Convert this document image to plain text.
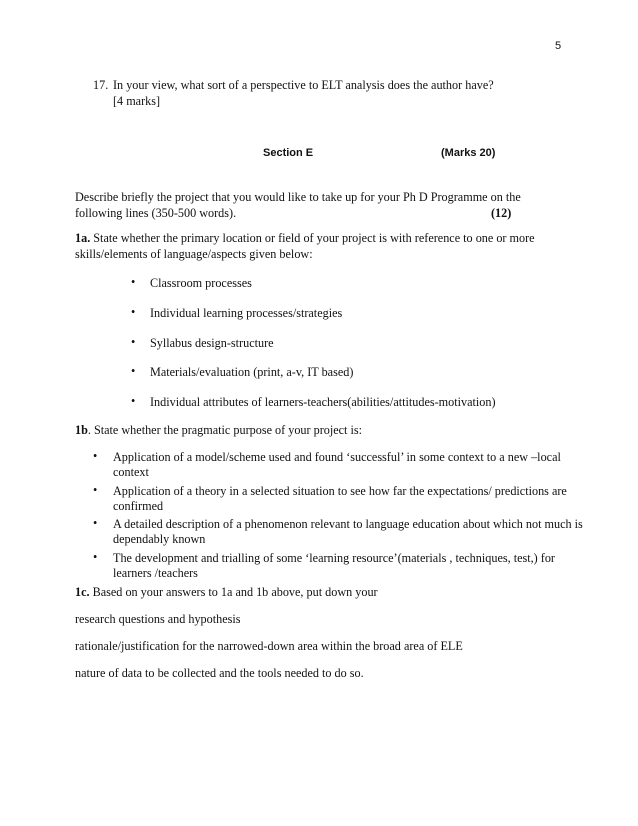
5
17. In your view, what sort of a perspective to ELT analysis does the author have?
[4 marks]
Section E	(Marks 20)
Describe briefly the project that you would like to take up for your Ph D Programme on the
following lines (350-500 words).	(12)
1a. State whether the primary location or field of your project is with reference to one or more
skills/elements of language/aspects given below:
• Classroom processes
• Individual learning processes/strategies
• Syllabus design-structure
• Materials/evaluation (print, a-v, IT based)
• Individual attributes of learners-teachers(abilities/attitudes-motivation)
1b. State whether the pragmatic purpose of your project is:
• Application of a model/scheme used and found ‘successful’ in some context to a new –local
context
• Application of a theory in a selected situation to see how far the expectations/ predictions are
confirmed
• A detailed description of a phenomenon relevant to language education about which not much is
dependably known
• The development and trialling of some ‘learning resource’(materials , techniques, test,) for
learners /teachers
1c. Based on your answers to 1a and 1b above, put down your
research questions and hypothesis
rationale/justification for the narrowed-down area within the broad area of ELE
nature of data to be collected and the tools needed to do so.
